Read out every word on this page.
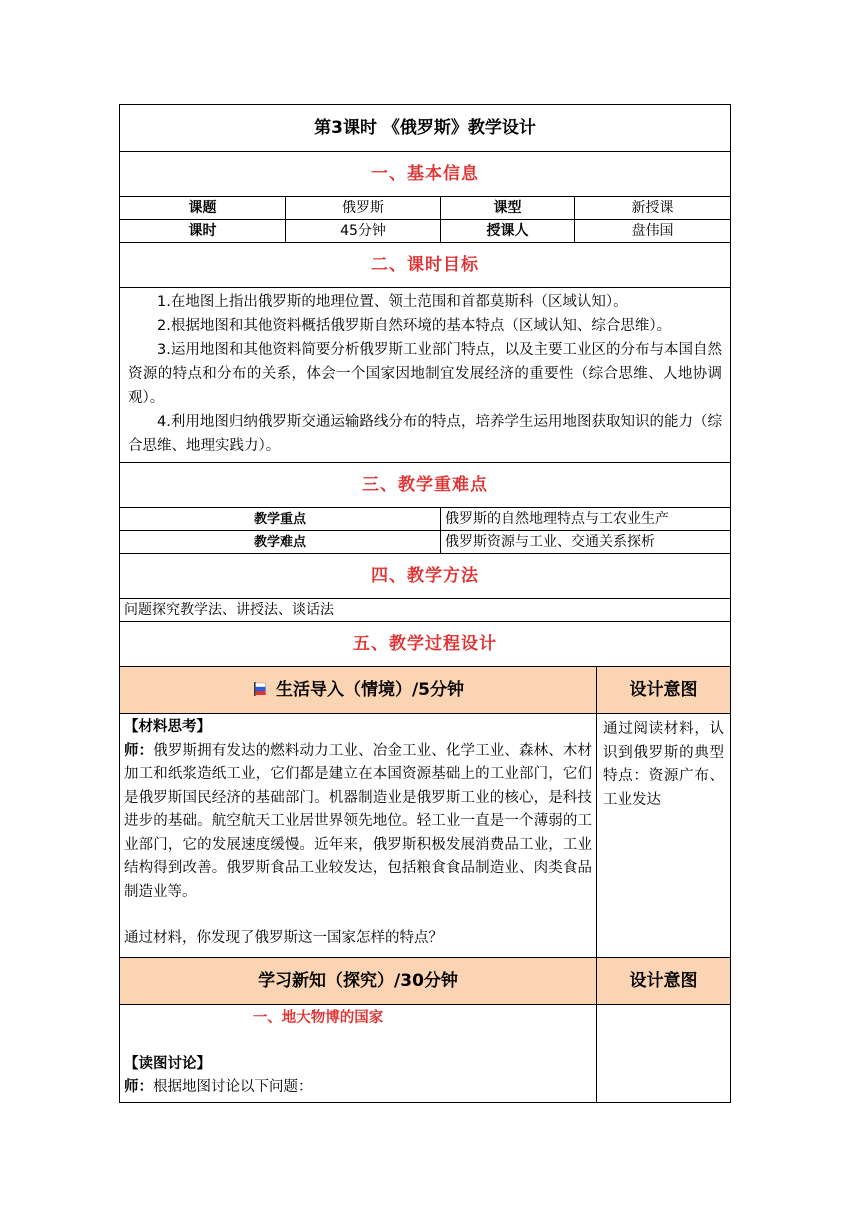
第3课时 《俄罗斯》教学设计				
一、基本信息				
课题	俄罗斯	课型	新授课	
课时	45分钟	授课人	盘伟国	
二、课时目标				

1.在地图上指出俄罗斯的地理位置、领土范围和首都莫斯科（区域认知）。

2.根据地图和其他资料概括俄罗斯自然环境的基本特点（区域认知、综合思维）。

3.运用地图和其他资料简要分析俄罗斯工业部门特点，以及主要工业区的分布与本国自然资源的特点和分布的关系，体会一个国家因地制宜发展经济的重要性（综合思维、人地协调观）。

4.利用地图归纳俄罗斯交通运输路线分布的特点，培养学生运用地图获取知识的能力（综合思维、地理实践力）。				

三、教学重难点				
教学重点		俄罗斯的自然地理特点与工农业生产		
教学难点		俄罗斯资源与工业、交通关系探析		
四、教学方法				
问题探究教学法、讲授法、谈话法				
五、教学过程设计				
生活导入（情境）/5分钟				设计意图

【材料思考】

师：俄罗斯拥有发达的燃料动力工业、冶金工业、化学工业、森林、木材加工和纸浆造纸工业，它们都是建立在本国资源基础上的工业部门，它们是俄罗斯国民经济的基础部门。机器制造业是俄罗斯工业的核心，是科技进步的基础。航空航天工业居世界领先地位。轻工业一直是一个薄弱的工业部门，它的发展速度缓慢。近年来，俄罗斯积极发展消费品工业，工业结构得到改善。俄罗斯食品工业较发达，包括粮食食品制造业、肉类食品制造业等。

通过材料，你发现了俄罗斯这一国家怎样的特点？				通过阅读材料，认识到俄罗斯的典型特点：资源广布、工业发达
学习新知（探究）/30分钟				设计意图

一、地大物博的国家

【读图讨论】

师：根据地图讨论以下问题：				
